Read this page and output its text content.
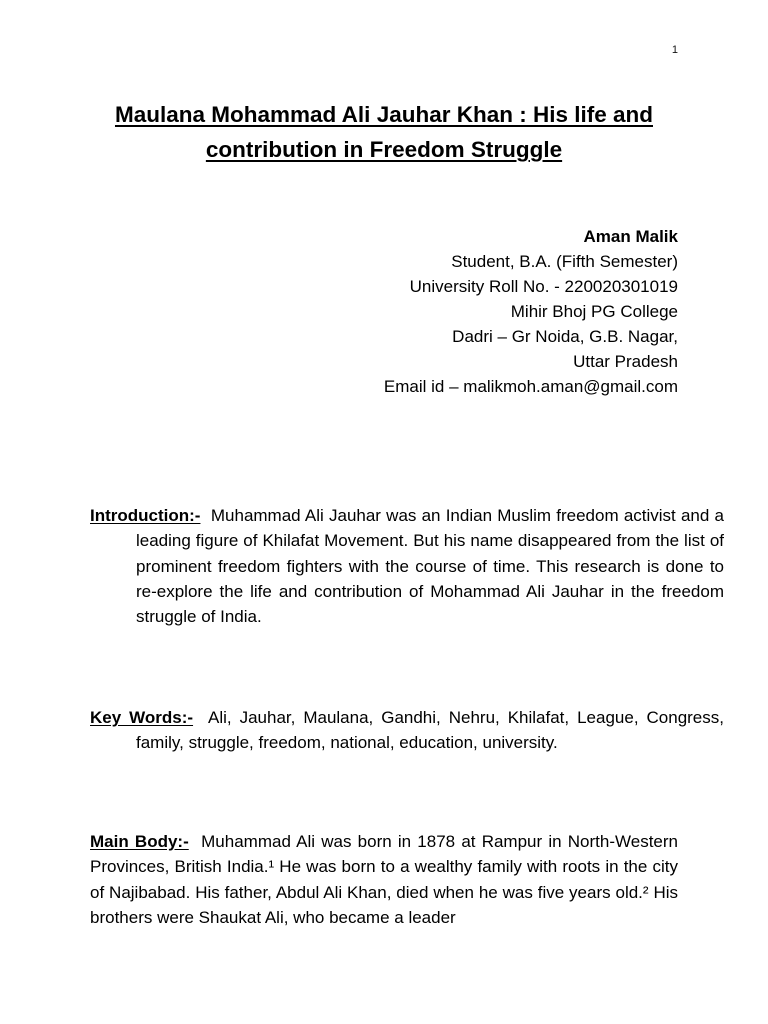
1
Maulana Mohammad Ali Jauhar Khan : His life and
contribution in Freedom Struggle
Aman Malik
Student, B.A. (Fifth Semester)
University Roll No. - 220020301019
Mihir Bhoj PG College
Dadri – Gr Noida, G.B. Nagar,
Uttar Pradesh
Email id – malikmoh.aman@gmail.com
Introduction:- Muhammad Ali Jauhar was an Indian Muslim freedom activist and a leading figure of Khilafat Movement. But his name disappeared from the list of prominent freedom fighters with the course of time. This research is done to re-explore the life and contribution of Mohammad Ali Jauhar in the freedom struggle of India.
Key Words:- Ali, Jauhar, Maulana, Gandhi, Nehru, Khilafat, League, Congress, family, struggle, freedom, national, education, university.
Main Body:- Muhammad Ali was born in 1878 at Rampur in North-Western Provinces, British India.¹ He was born to a wealthy family with roots in the city of Najibabad. His father, Abdul Ali Khan, died when he was five years old.² His brothers were Shaukat Ali, who became a leader
